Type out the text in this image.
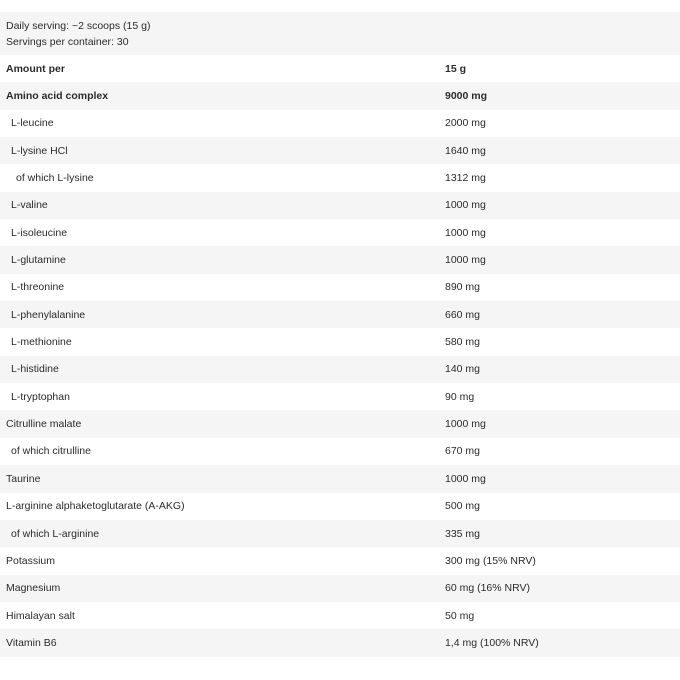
Daily serving: ~2 scoops (15 g)
Servings per container: 30
Amount per	15 g
Amino acid complex	9000 mg
L-leucine	2000 mg
L-lysine HCl	1640 mg
of which L-lysine	1312 mg
L-valine	1000 mg
L-isoleucine	1000 mg
L-glutamine	1000 mg
L-threonine	890 mg
L-phenylalanine	660 mg
L-methionine	580 mg
L-histidine	140 mg
L-tryptophan	90 mg
Citrulline malate	1000 mg
of which citrulline	670 mg
Taurine	1000 mg
L-arginine alphaketoglutarate (A-AKG)	500 mg
of which L-arginine	335 mg
Potassium	300 mg (15% NRV)
Magnesium	60 mg (16% NRV)
Himalayan salt	50 mg
Vitamin B6	1,4 mg (100% NRV)
